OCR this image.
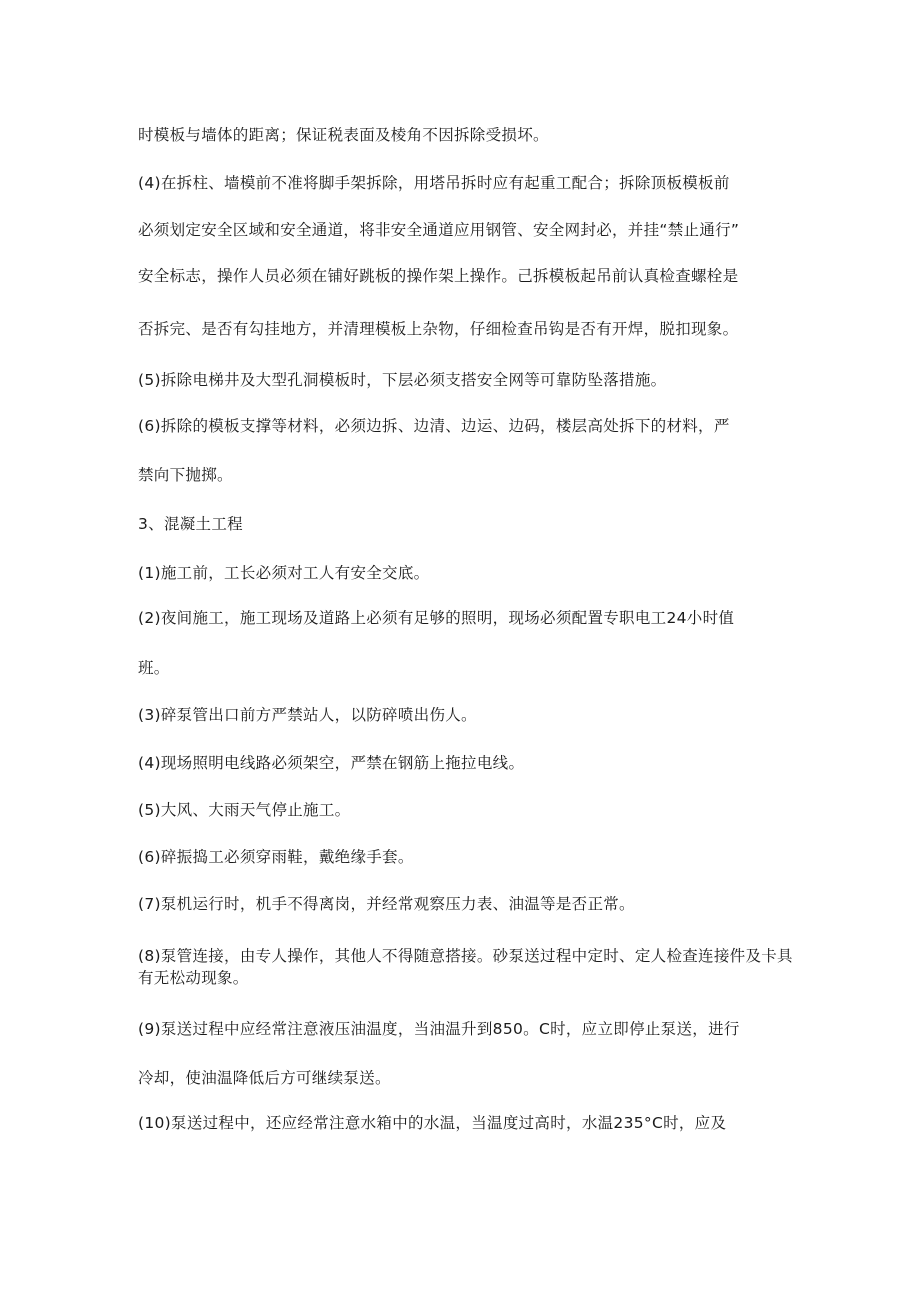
时模板与墙体的距离；保证税表面及棱角不因拆除受损坏。
(4)在拆柱、墙模前不准将脚手架拆除，用塔吊拆时应有起重工配合；拆除顶板模板前
必须划定安全区域和安全通道，将非安全通道应用钢管、安全网封必，并挂“禁止通行”
安全标志，操作人员必须在铺好跳板的操作架上操作。己拆模板起吊前认真检查螺栓是
否拆完、是否有勾挂地方，并清理模板上杂物，仔细检查吊钩是否有开焊，脱扣现象。
(5)拆除电梯井及大型孔洞模板时，下层必须支搭安全网等可靠防坠落措施。
(6)拆除的模板支撑等材料，必须边拆、边清、边运、边码，楼层高处拆下的材料，严
禁向下抛掷。
3、混凝土工程
(1)施工前，工长必须对工人有安全交底。
(2)夜间施工，施工现场及道路上必须有足够的照明，现场必须配置专职电工24小时值
班。
(3)碎泵管出口前方严禁站人，以防碎喷出伤人。
(4)现场照明电线路必须架空，严禁在钢筋上拖拉电线。
(5)大风、大雨天气停止施工。
(6)碎振捣工必须穿雨鞋，戴绝缘手套。
(7)泵机运行时，机手不得离岗，并经常观察压力表、油温等是否正常。
(8)泵管连接，由专人操作，其他人不得随意搭接。砂泵送过程中定时、定人检查连接件及卡具有无松动现象。
(9)泵送过程中应经常注意液压油温度，当油温升到850。C时，应立即停止泵送，进行
冷却，使油温降低后方可继续泵送。
(10)泵送过程中，还应经常注意水箱中的水温，当温度过高时，水温235°C时，应及
